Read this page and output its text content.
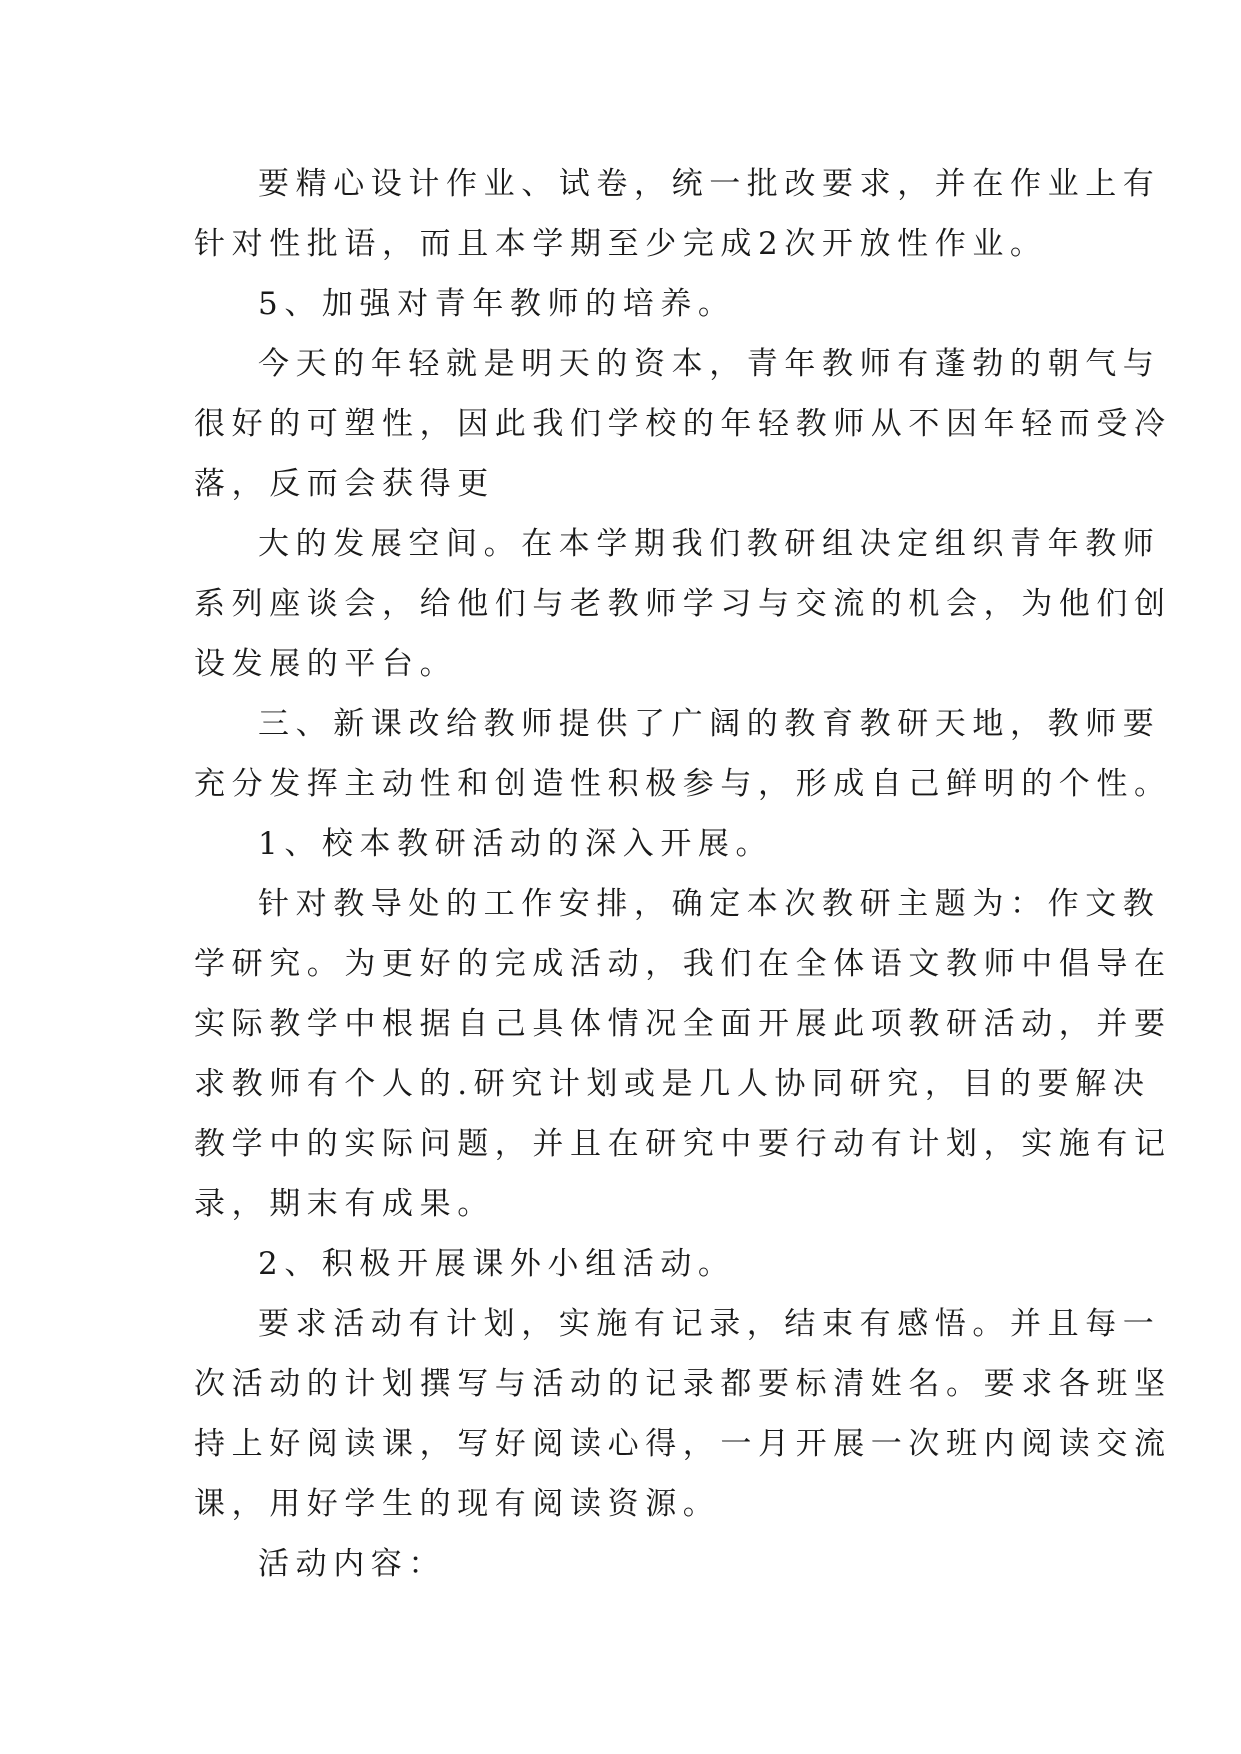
要精心设计作业、试卷，统一批改要求，并在作业上有

针对性批语，而且本学期至少完成2次开放性作业。

5、加强对青年教师的培养。

今天的年轻就是明天的资本，青年教师有蓬勃的朝气与

很好的可塑性，因此我们学校的年轻教师从不因年轻而受冷

落，反而会获得更

大的发展空间。在本学期我们教研组决定组织青年教师

系列座谈会，给他们与老教师学习与交流的机会，为他们创

设发展的平台。

三、新课改给教师提供了广阔的教育教研天地，教师要

充分发挥主动性和创造性积极参与，形成自己鲜明的个性。

1、校本教研活动的深入开展。

针对教导处的工作安排，确定本次教研主题为：作文教

学研究。为更好的完成活动，我们在全体语文教师中倡导在

实际教学中根据自己具体情况全面开展此项教研活动，并要

求教师有个人的.研究计划或是几人协同研究，目的要解决

教学中的实际问题，并且在研究中要行动有计划，实施有记

录，期末有成果。

2、积极开展课外小组活动。

要求活动有计划，实施有记录，结束有感悟。并且每一

次活动的计划撰写与活动的记录都要标清姓名。要求各班坚

持上好阅读课，写好阅读心得，一月开展一次班内阅读交流

课，用好学生的现有阅读资源。

活动内容：
